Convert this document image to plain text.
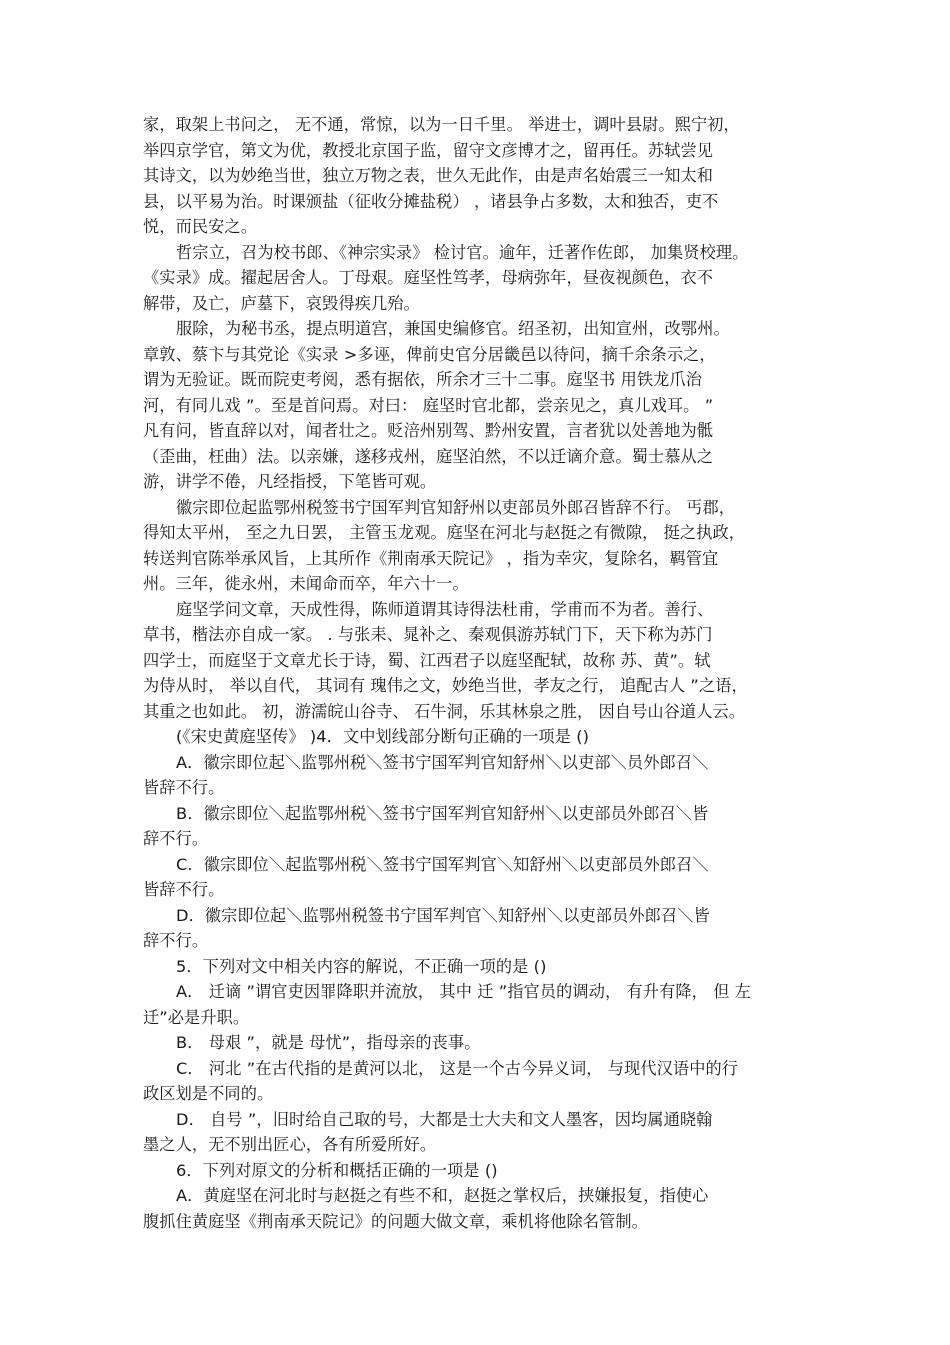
家，取架上书问之， 无不通，常惊，以为一日千里。 举进士，调叶县尉。熙宁初，
举四京学官，第文为优，教授北京国子监，留守文彦博才之，留再任。苏轼尝见
其诗文，以为妙绝当世，独立万物之表，世久无此作，由是声名始震三一知太和
县，以平易为治。时课颁盐（征收分摊盐税） ，诸县争占多数，太和独否，吏不
悦，而民安之。
哲宗立，召为校书郎、《神宗实录》 检讨官。逾年，迁著作佐郎， 加集贤校理。
《实录》成。擢起居舍人。丁母艰。庭坚性笃孝，母病弥年，昼夜视颜色，衣不
解带，及亡，庐墓下，哀毁得疾几殆。
服除，为秘书丞，提点明道宫，兼国史编修官。绍圣初，出知宣州，改鄂州。
章敦、蔡卞与其党论《实录 >多诬，俾前史官分居畿邑以待问，摘千余条示之，
谓为无验证。既而院吏考阅，悉有据依，所余才三十二事。庭坚书 用铁龙爪治
河，有同儿戏 ”。至是首问焉。对曰： 庭坚时官北都，尝亲见之，真儿戏耳。 ”
凡有问，皆直辞以对，闻者壮之。贬涪州别驾、黔州安置，言者犹以处善地为骶
（歪曲，枉曲）法。以亲嫌，遂移戎州，庭坚泊然，不以迁谪介意。蜀士慕从之
游，讲学不倦，凡经指授，下笔皆可观。
徽宗即位起监鄂州税签书宁国军判官知舒州以吏部员外郎召皆辞不行。 丐郡，
得知太平州， 至之九日罢， 主管玉龙观。庭坚在河北与赵挺之有微隙， 挺之执政，
转送判官陈举承风旨，上其所作《荆南承天院记》 ，指为幸灾，复除名，羁管宜
州。三年，徙永州，未闻命而卒，年六十一。
庭坚学问文章，天成性得，陈师道谓其诗得法杜甫，学甫而不为者。善行、
草书，楷法亦自成一家。 . 与张耒、晁补之、秦观俱游苏轼门下，天下称为苏门
四学士，而庭坚于文章尤长于诗，蜀、江西君子以庭坚配轼，故称 苏、黄”。轼
为侍从时， 举以自代， 其词有 瑰伟之文，妙绝当世，孝友之行， 追配古人 ”之语，
其重之也如此。 初，游濡皖山谷寺、 石牛洞，乐其林泉之胜， 因自号山谷道人云。
(《宋史黄庭坚传》 )4．文中划线部分断句正确的一项是 ()
A．徽宗即位起＼监鄂州税＼签书宁国军判官知舒州＼以吏部＼员外郎召＼
皆辞不行。
B．徽宗即位＼起监鄂州税＼签书宁国军判官知舒州＼以吏部员外郎召＼皆
辞不行。
C．徽宗即位＼起监鄂州税＼签书宁国军判官＼知舒州＼以吏部员外郎召＼
皆辞不行。
D．徽宗即位起＼监鄂州税签书宁国军判官＼知舒州＼以吏部员外郎召＼皆
辞不行。
5．下列对文中相关内容的解说，不正确一项的是 ()
A． 迁谪 ”谓官吏因罪降职并流放， 其中 迁 ”指官员的调动， 有升有降， 但 左
迁”必是升职。
B． 母艰 ”，就是 母忧”，指母亲的丧事。
C． 河北 ”在古代指的是黄河以北， 这是一个古今异义词， 与现代汉语中的行
政区划是不同的。
D． 自号 ”，旧时给自己取的号，大都是士大夫和文人墨客，因均属通晓翰
墨之人，无不别出匠心，各有所爱所好。
6．下列对原文的分析和概括正确的一项是 ()
A．黄庭坚在河北时与赵挺之有些不和，赵挺之掌权后，挟嫌报复，指使心
腹抓住黄庭坚《荆南承天院记》的问题大做文章，乘机将他除名管制。
